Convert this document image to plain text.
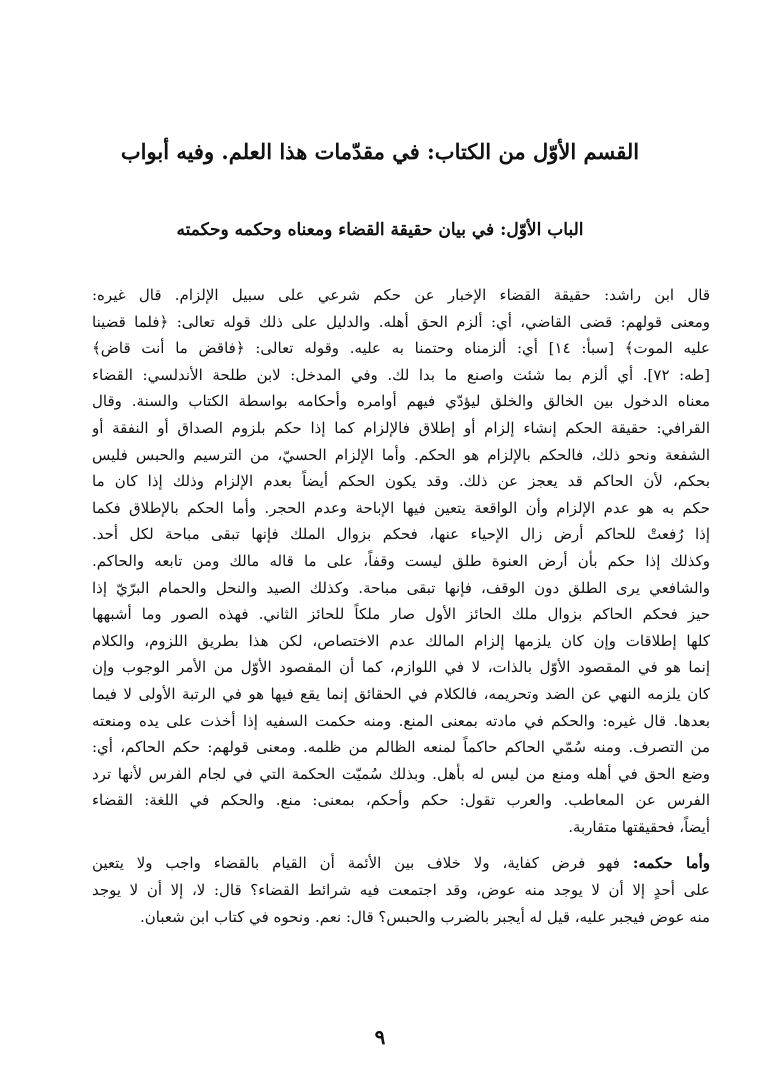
القسم الأوّل من الكتاب: في مقدّمات هذا العلم. وفيه أبواب
الباب الأوّل: في بيان حقيقة القضاء ومعناه وحكمه وحكمته
قال ابن راشد: حقيقة القضاء الإخبار عن حكم شرعي على سبيل الإلزام. قال غيره:
ومعنى قولهم: قضى القاضي، أي: ألزم الحق أهله. والدليل على ذلك قوله تعالى: ﴿فلما قضينا
عليه الموت﴾ [سبأ: ١٤] أي: ألزمناه وحتمنا به عليه. وقوله تعالى: ﴿فاقض ما أنت قاض﴾
[طه: ٧٢]. أي ألزم بما شئت واصنع ما بدا لك. وفي المدخل: لابن طلحة الأندلسي: القضاء
معناه الدخول بين الخالق والخلق ليؤدّي فيهم أوامره وأحكامه بواسطة الكتاب والسنة. وقال
القرافي: حقيقة الحكم إنشاء إلزام أو إطلاق فالإلزام كما إذا حكم بلزوم الصداق أو النفقة أو
الشفعة ونحو ذلك، فالحكم بالإلزام هو الحكم. وأما الإلزام الحسيّ، من الترسيم والحبس فليس
بحكم، لأن الحاكم قد يعجز عن ذلك. وقد يكون الحكم أيضاً بعدم الإلزام وذلك إذا كان ما
حكم به هو عدم الإلزام وأن الواقعة يتعين فيها الإباحة وعدم الحجر. وأما الحكم بالإطلاق فكما
إذا رُفعتْ للحاكم أرض زال الإحياء عنها، فحكم بزوال الملك فإنها تبقى مباحة لكل أحد.
وكذلك إذا حكم بأن أرض العنوة طلق ليست وقفاً، على ما قاله مالك ومن تابعه والحاكم.
والشافعي يرى الطلق دون الوقف، فإنها تبقى مباحة. وكذلك الصيد والنحل والحمام البرّيّ إذا
حيز فحكم الحاكم بزوال ملك الحائز الأول صار ملكاً للحائز الثاني. فهذه الصور وما أشبهها
كلها إطلاقات وإن كان يلزمها إلزام المالك عدم الاختصاص، لكن هذا بطريق اللزوم، والكلام
إنما هو في المقصود الأوّل بالذات، لا في اللوازم، كما أن المقصود الأوّل من الأمر الوجوب وإن
كان يلزمه النهي عن الضد وتحريمه، فالكلام في الحقائق إنما يقع فيها هو في الرتبة الأولى لا فيما
بعدها. قال غيره: والحكم في مادته بمعنى المنع. ومنه حكمت السفيه إذا أخذت على يده ومنعته
من التصرف. ومنه سُمّي الحاكم حاكماً لمنعه الظالم من ظلمه. ومعنى قولهم: حكم الحاكم، أي:
وضع الحق في أهله ومنع من ليس له بأهل. وبذلك سُميّت الحكمة التي في لجام الفرس لأنها ترد
الفرس عن المعاطب. والعرب تقول: حكم وأحكم، بمعنى: منع. والحكم في اللغة: القضاء
أيضاً، فحقيقتها متقاربة.
وأما حكمه: فهو فرض كفاية، ولا خلاف بين الأئمة أن القيام بالقضاء واجب ولا يتعين
على أحدٍ إلا أن لا يوجد منه عوض، وقد اجتمعت فيه شرائط القضاء؟ قال: لا، إلا أن لا يوجد
منه عوض فيجبر عليه، قيل له أيجبر بالضرب والحبس؟ قال: نعم. ونحوه في كتاب ابن شعبان.
٩
